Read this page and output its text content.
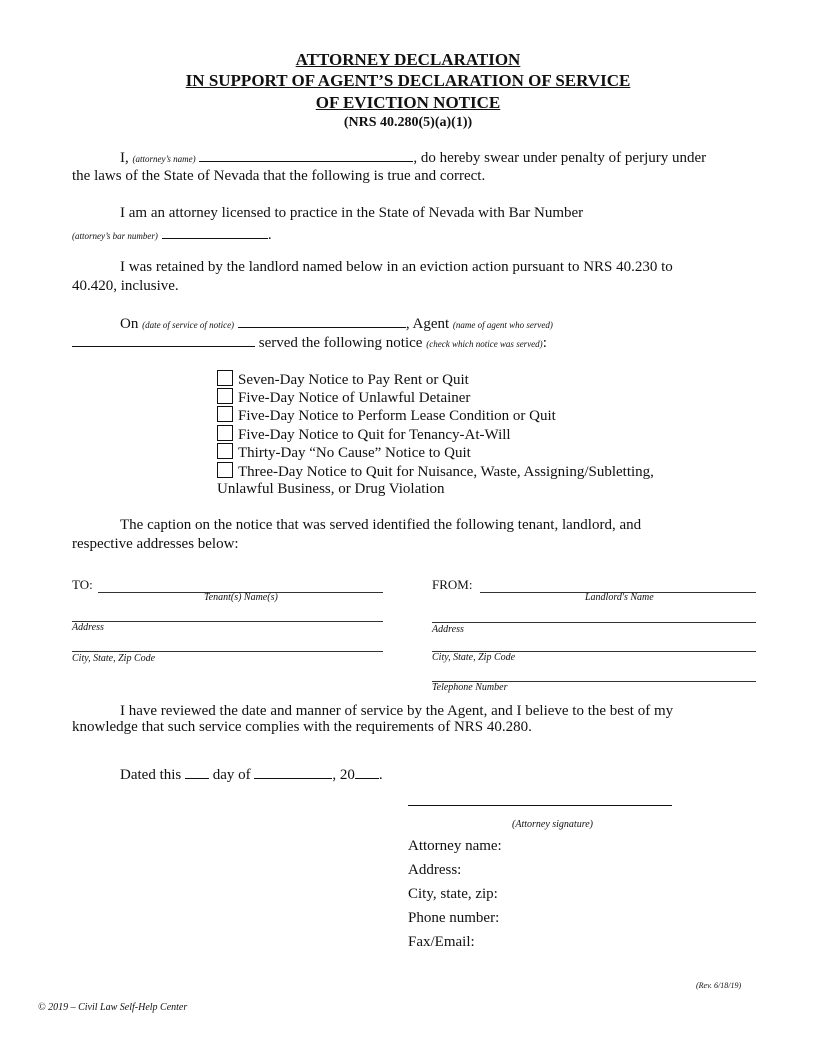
ATTORNEY DECLARATION
IN SUPPORT OF AGENT’S DECLARATION OF SERVICE
OF EVICTION NOTICE
(NRS 40.280(5)(a)(1))
I, (attorney’s name)	, do hereby swear under penalty of perjury under
the laws of the State of Nevada that the following is true and correct.
I am an attorney licensed to practice in the State of Nevada with Bar Number
(attorney’s bar number)	.
I was retained by the landlord named below in an eviction action pursuant to NRS 40.230 to
40.420, inclusive.
On (date of service of notice)	, Agent (name of agent who served)
served the following notice (check which notice was served):
Seven-Day Notice to Pay Rent or Quit
Five-Day Notice of Unlawful Detainer
Five-Day Notice to Perform Lease Condition or Quit
Five-Day Notice to Quit for Tenancy-At-Will
Thirty-Day “No Cause” Notice to Quit
Three-Day Notice to Quit for Nuisance, Waste, Assigning/Subletting,
Unlawful Business, or Drug Violation
The caption on the notice that was served identified the following tenant, landlord, and
respective addresses below:
TO:
Tenant(s) Name(s)
Address
City, State, Zip Code
FROM:
Landlord's Name
Address
City, State, Zip Code
Telephone Number
I have reviewed the date and manner of service by the Agent, and I believe to the best of my
knowledge that such service complies with the requirements of NRS 40.280.
Dated this day of	, 20 .
(Attorney signature)
Attorney name:
Address:
City, state, zip:
Phone number:
Fax/Email:
(Rev. 6/18/19)
© 2019 – Civil Law Self-Help Center
